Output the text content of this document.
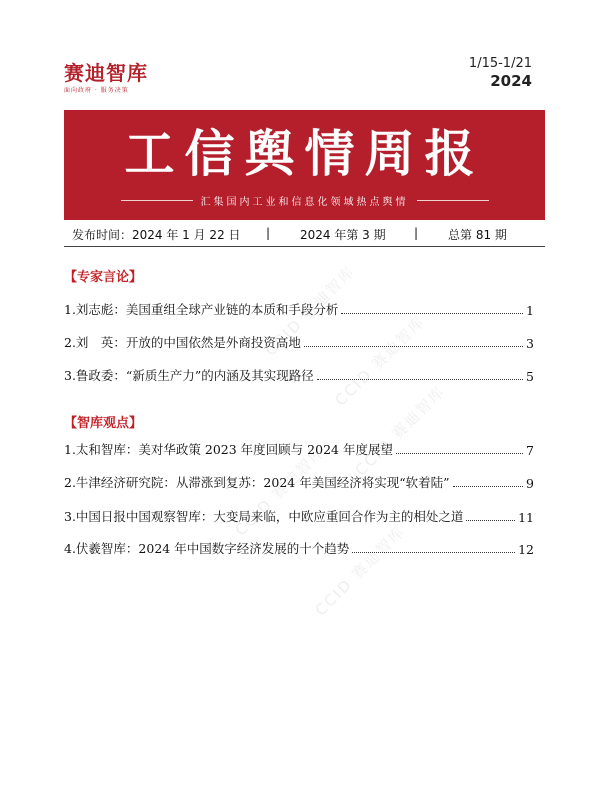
CCID 赛迪智库
CCID 赛迪智库
CCID 赛迪智库
CCID 赛迪智库
CCID 赛迪智库
赛迪智库
面向政府 · 服务决策
1/15-1/21
2024
工信舆情周报
汇集国内工业和信息化领域热点舆情
发布时间：2024 年 1 月 22 日 | 2024 年第 3 期 | 总第 81 期
【专家言论】
1.刘志彪：美国重组全球产业链的本质和手段分析	1
2.刘　英：开放的中国依然是外商投资高地	3
3.鲁政委：“新质生产力”的内涵及其实现路径	5
【智库观点】
1.太和智库：美对华政策 2023 年度回顾与 2024 年度展望	7
2.牛津经济研究院：从滞涨到复苏：2024 年美国经济将实现“软着陆”	9
3.中国日报中国观察智库：大变局来临，中欧应重回合作为主的相处之道	11
4.伏羲智库：2024 年中国数字经济发展的十个趋势	12
